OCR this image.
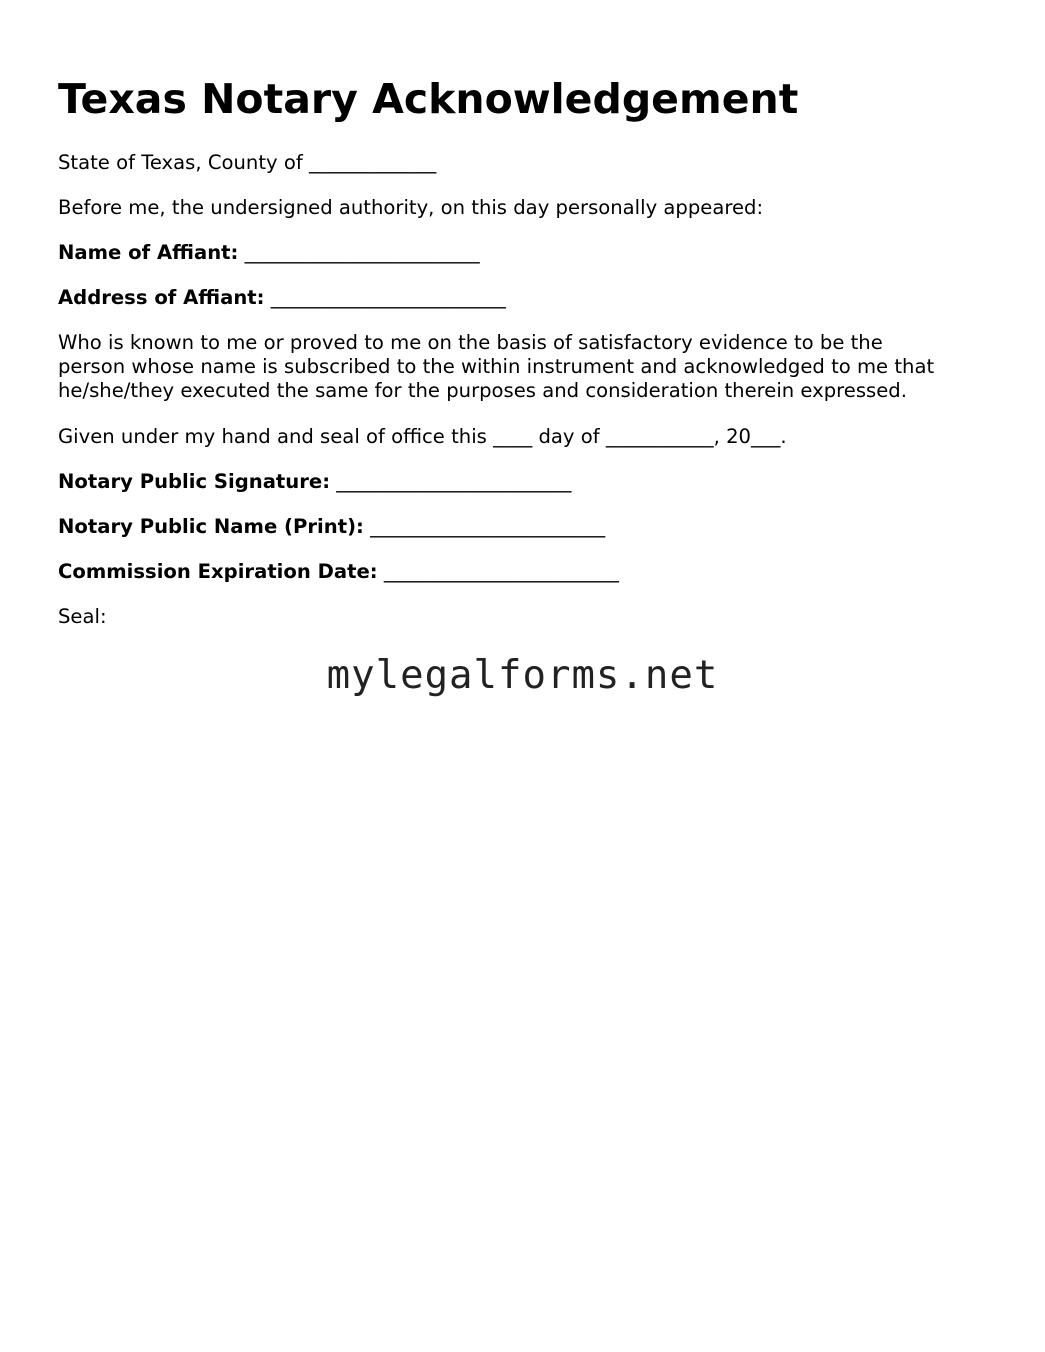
Texas Notary Acknowledgement

State of Texas, County of _____________

Before me, the undersigned authority, on this day personally appeared:

Name of Affiant: ________________________

Address of Affiant: ________________________

Who is known to me or proved to me on the basis of satisfactory evidence to be the
person whose name is subscribed to the within instrument and acknowledged to me that
he/she/they executed the same for the purposes and consideration therein expressed.

Given under my hand and seal of office this ____ day of ___________, 20___.

Notary Public Signature: ________________________

Notary Public Name (Print): ________________________

Commission Expiration Date: ________________________

Seal:

mylegalforms.net
